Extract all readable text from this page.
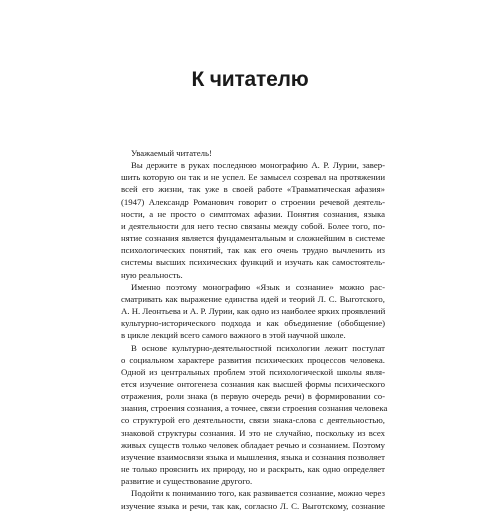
К читателю
Уважаемый читатель!
Вы держите в руках последнюю монографию А. Р. Лурии, завер-
шить которую он так и не успел. Ее замысел созревал на протяжении
всей его жизни, так уже в своей работе «Травматическая афазия»
(1947) Александр Романович говорит о строении речевой деятель-
ности, а не просто о симптомах афазии. Понятия сознания, языка
и деятельности для него тесно связаны между собой. Более того, по-
нятие сознания является фундаментальным и сложнейшим в системе
психологических понятий, так как его очень трудно вычленить из
системы высших психических функций и изучать как самостоятель-
ную реальность.
Именно поэтому монографию «Язык и сознание» можно рас-
сматривать как выражение единства идей и теорий Л. С. Выготского,
А. Н. Леонтьева и А. Р. Лурии, как одно из наиболее ярких проявлений
культурно-исторического подхода и как объединение (обобщение)
в цикле лекций всего самого важного в этой научной школе.
В основе культурно-деятельностной психологии лежит постулат
о социальном характере развития психических процессов человека.
Одной из центральных проблем этой психологической школы явля-
ется изучение онтогенеза сознания как высшей формы психического
отражения, роли знака (в первую очередь речи) в формировании со-
знания, строения сознания, а точнее, связи строения сознания человека
со структурой его деятельности, связи знака-слова с деятельностью,
знаковой структуры сознания. И это не случайно, поскольку из всех
живых существ только человек обладает речью и сознанием. Поэтому
изучение взаимосвязи языка и мышления, языка и сознания позволяет
не только прояснить их природу, но и раскрыть, как одно определяет
развитие и существование другого.
Подойти к пониманию того, как развивается сознание, можно через
изучение языка и речи, так как, согласно Л. С. Выготскому, сознание
